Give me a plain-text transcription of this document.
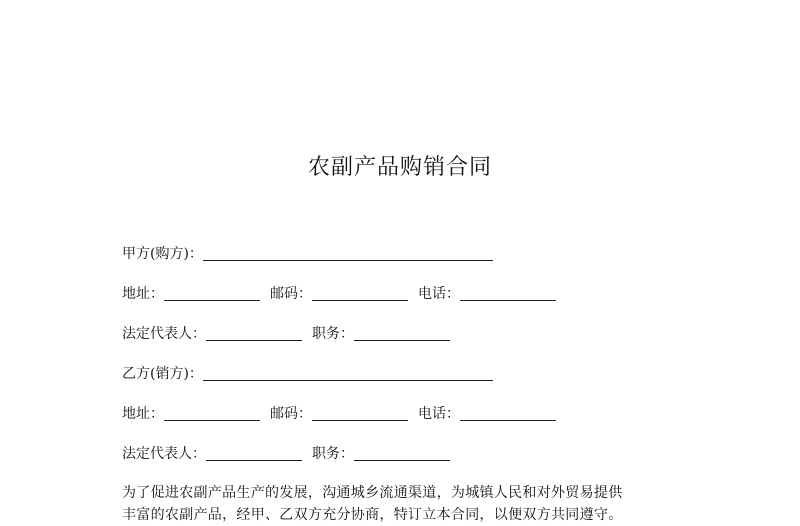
农副产品购销合同
甲方(购方)：
地址：	邮码：	电话：
法定代表人：	职务：
乙方(销方)：
地址：	邮码：	电话：
法定代表人：	职务：
为了促进农副产品生产的发展，沟通城乡流通渠道，为城镇人民和对外贸易提供
丰富的农副产品，经甲、乙双方充分协商，特订立本合同，以便双方共同遵守。
